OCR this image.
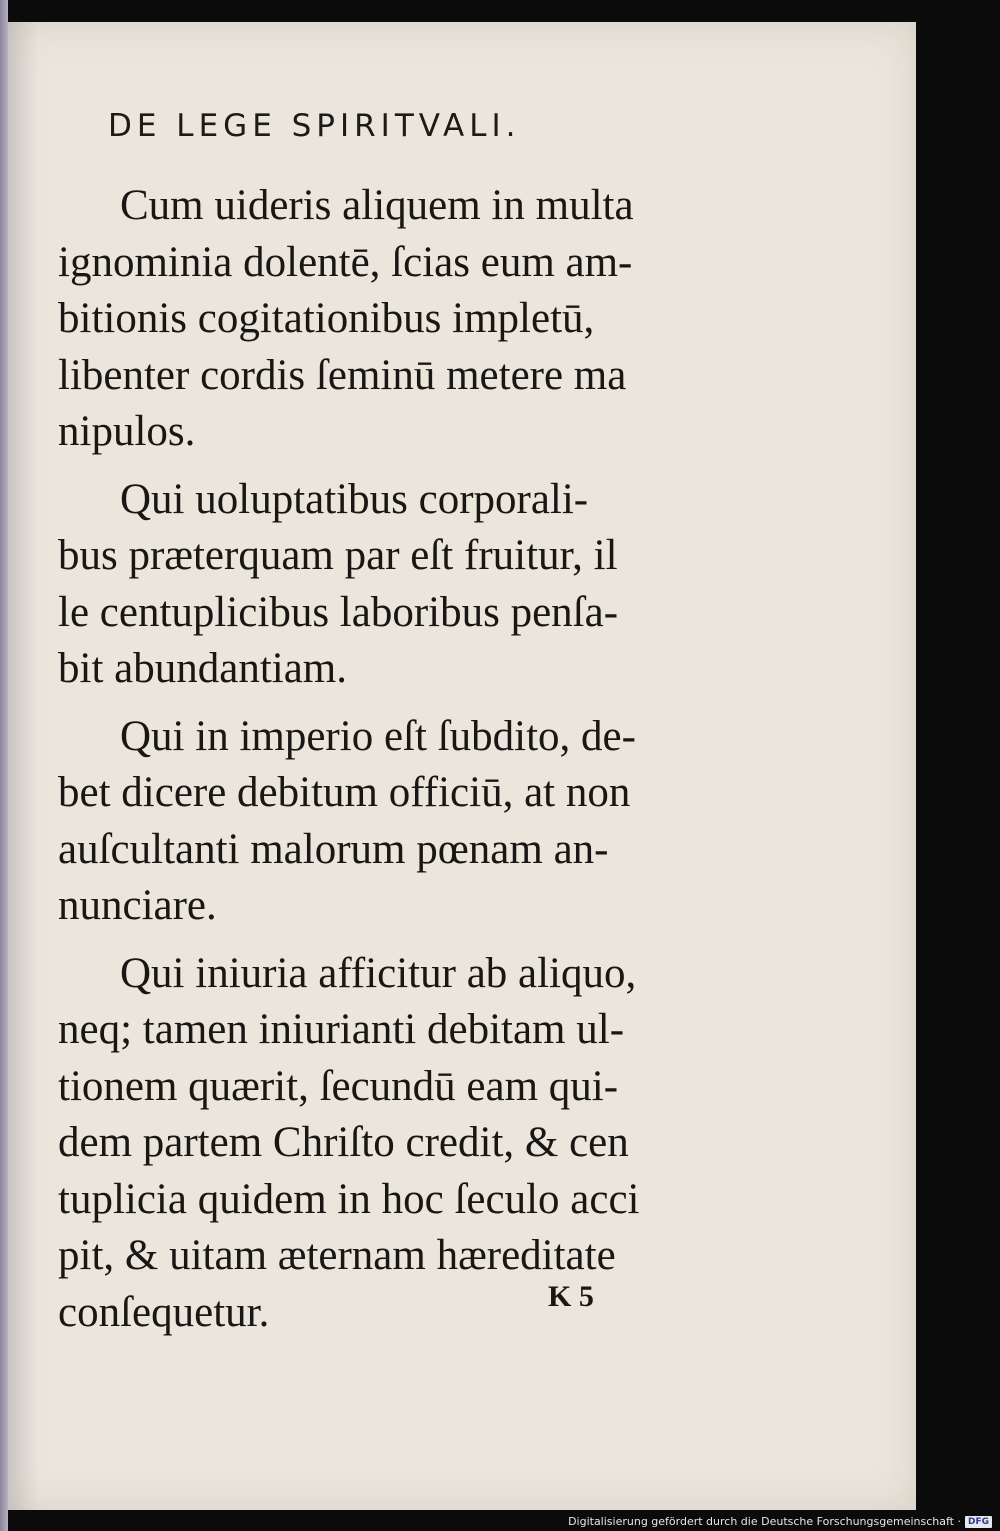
DE LEGE SPIRITVALI.
Cum uideris aliquem in multa
ignominia dolentē, ſcias eum am‑
bitionis cogitationibus impletū,
libenter cordis ſeminū metere ma
nipulos.
Qui uoluptatibus corporali‑
bus præterquam par eſt fruitur, il
le centuplicibus laboribus penſa‑
bit abundantiam.
Qui in imperio eſt ſubdito, de‑
bet dicere debitum officiū, at non
auſcultanti malorum pœnam an‑
nunciare.
Qui iniuria afficitur ab aliquo,
neq; tamen iniurianti debitam ul‑
tionem quærit, ſecundū eam qui‑
dem partem Chriſto credit, & cen
tuplicia quidem in hoc ſeculo acci
pit, & uitam æternam hæreditate
conſequetur.	K 5
Digitalisierung gefördert durch die Deutsche Forschungsgemeinschaft · DFG
